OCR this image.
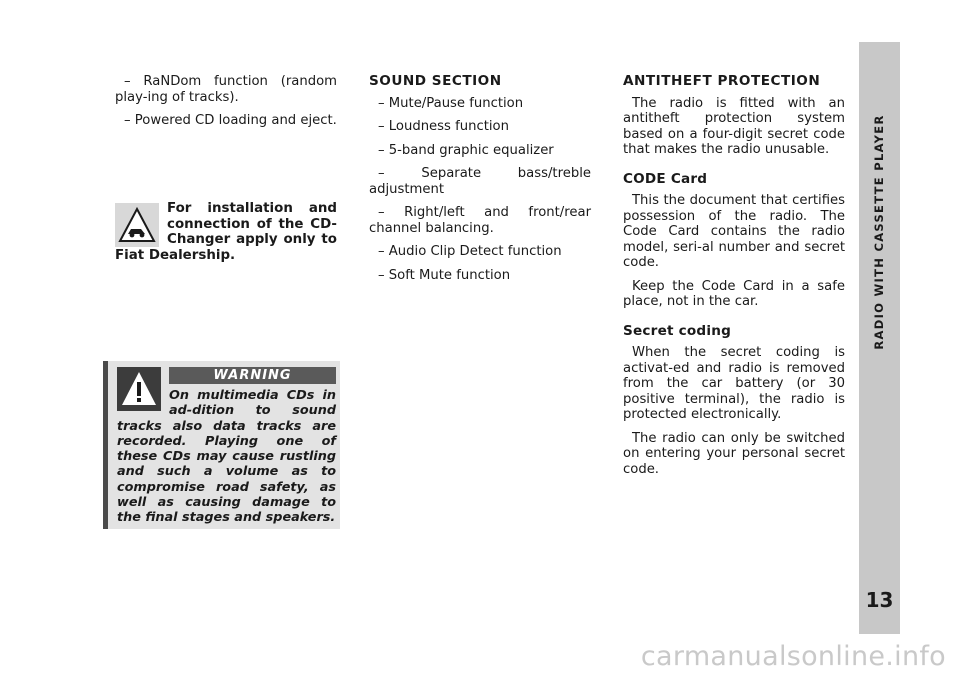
– RaNDom function (random play-ing of tracks).

– Powered CD loading and eject.

For installation and connection of the CD-Changer apply only to Fiat Dealership.
WARNING
On multimedia CDs in ad-dition to sound tracks also data tracks are recorded. Playing one of these CDs may cause rustling and such a volume as to compromise road safety, as well as causing damage to the final stages and speakers.
SOUND SECTION

– Mute/Pause function

– Loudness function

– 5-band graphic equalizer

– Separate bass/treble adjustment

– Right/left and front/rear channel balancing.

– Audio Clip Detect function

– Soft Mute function

ANTITHEFT PROTECTION

The radio is fitted with an antitheft protection system based on a four-digit secret code that makes the radio unusable.

CODE Card

This the document that certifies possession of the radio. The Code Card contains the radio model, seri-al number and secret code.

Keep the Code Card in a safe place, not in the car.

Secret coding

When the secret coding is activat-ed and radio is removed from the car battery (or 30 positive terminal), the radio is protected electronically.

The radio can only be switched on entering your personal secret code.

RADIO WITH CASSETTE PLAYER
13
carmanualsonline.info
